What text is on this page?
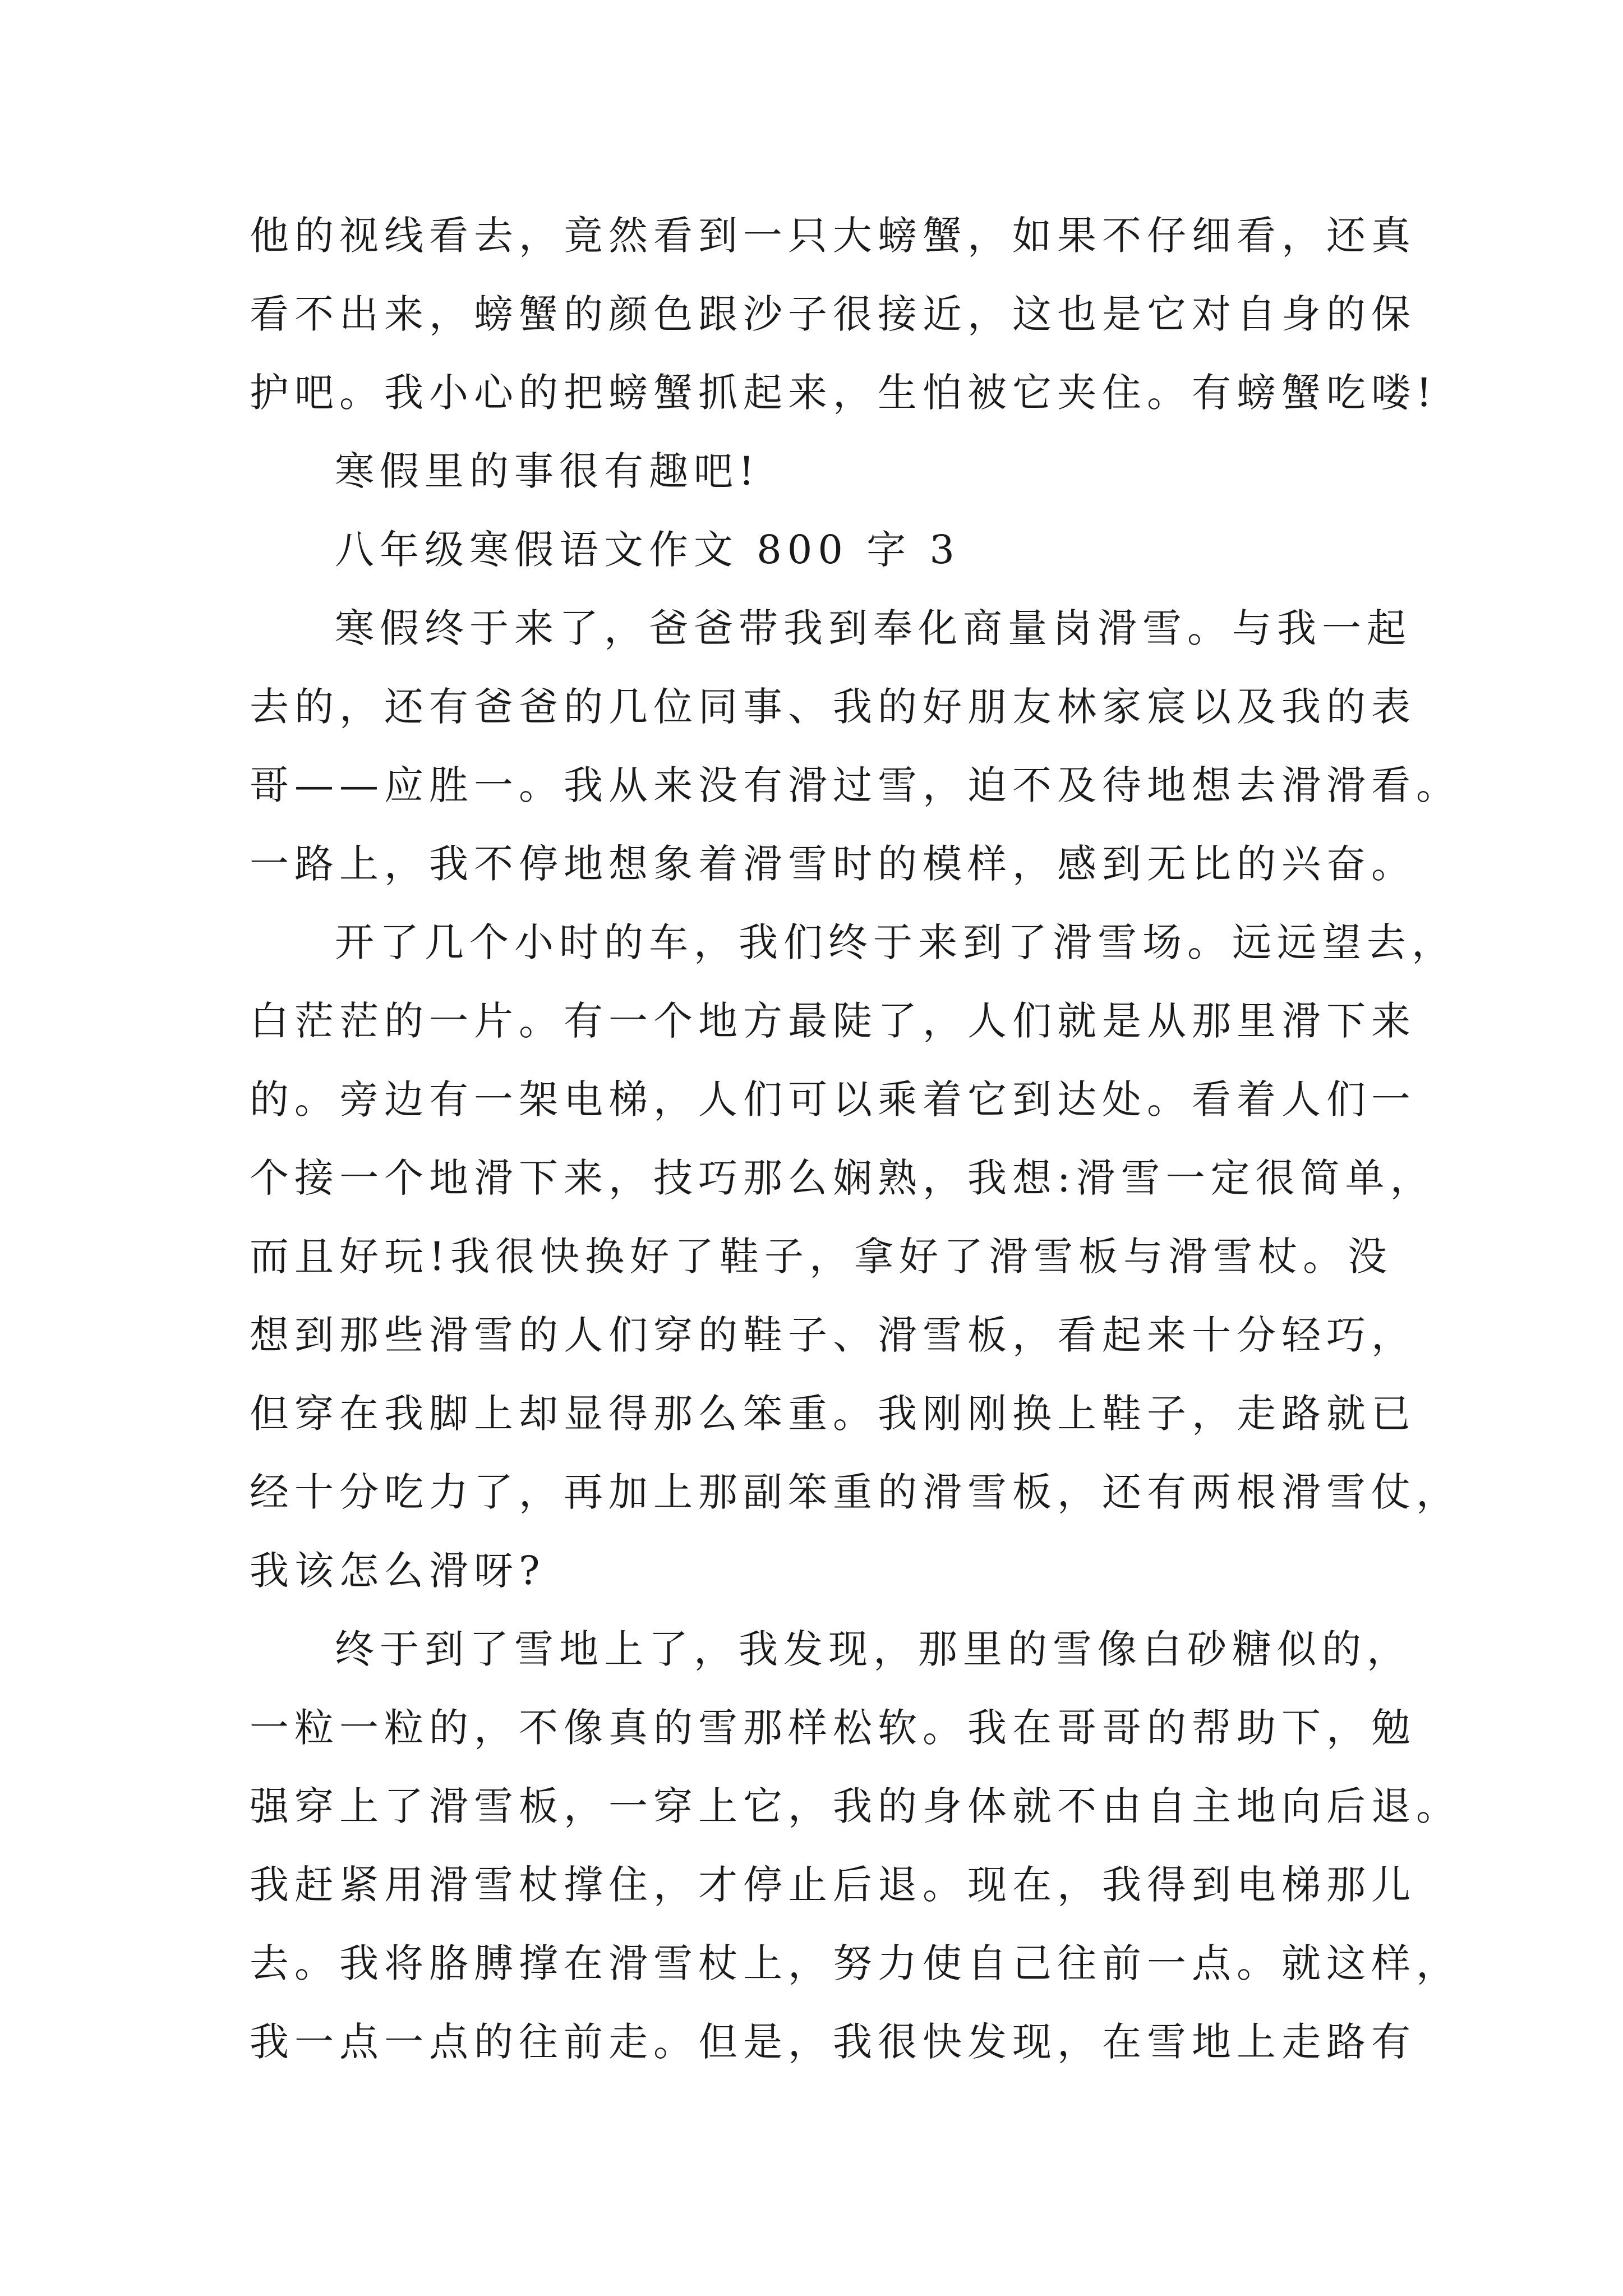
他的视线看去，竟然看到一只大螃蟹，如果不仔细看，还真
看不出来，螃蟹的颜色跟沙子很接近，这也是它对自身的保
护吧。我小心的把螃蟹抓起来，生怕被它夹住。有螃蟹吃喽!
寒假里的事很有趣吧!
八年级寒假语文作文 800 字 3
寒假终于来了，爸爸带我到奉化商量岗滑雪。与我一起
去的，还有爸爸的几位同事、我的好朋友林家宸以及我的表
哥——应胜一。我从来没有滑过雪，迫不及待地想去滑滑看。
一路上，我不停地想象着滑雪时的模样，感到无比的兴奋。
开了几个小时的车，我们终于来到了滑雪场。远远望去，
白茫茫的一片。有一个地方最陡了，人们就是从那里滑下来
的。旁边有一架电梯，人们可以乘着它到达处。看着人们一
个接一个地滑下来，技巧那么娴熟，我想:滑雪一定很简单，
而且好玩!我很快换好了鞋子，拿好了滑雪板与滑雪杖。没
想到那些滑雪的人们穿的鞋子、滑雪板，看起来十分轻巧，
但穿在我脚上却显得那么笨重。我刚刚换上鞋子，走路就已
经十分吃力了，再加上那副笨重的滑雪板，还有两根滑雪仗，
我该怎么滑呀?
终于到了雪地上了，我发现，那里的雪像白砂糖似的，
一粒一粒的，不像真的雪那样松软。我在哥哥的帮助下，勉
强穿上了滑雪板，一穿上它，我的身体就不由自主地向后退。
我赶紧用滑雪杖撑住，才停止后退。现在，我得到电梯那儿
去。我将胳膊撑在滑雪杖上，努力使自己往前一点。就这样，
我一点一点的往前走。但是，我很快发现，在雪地上走路有
